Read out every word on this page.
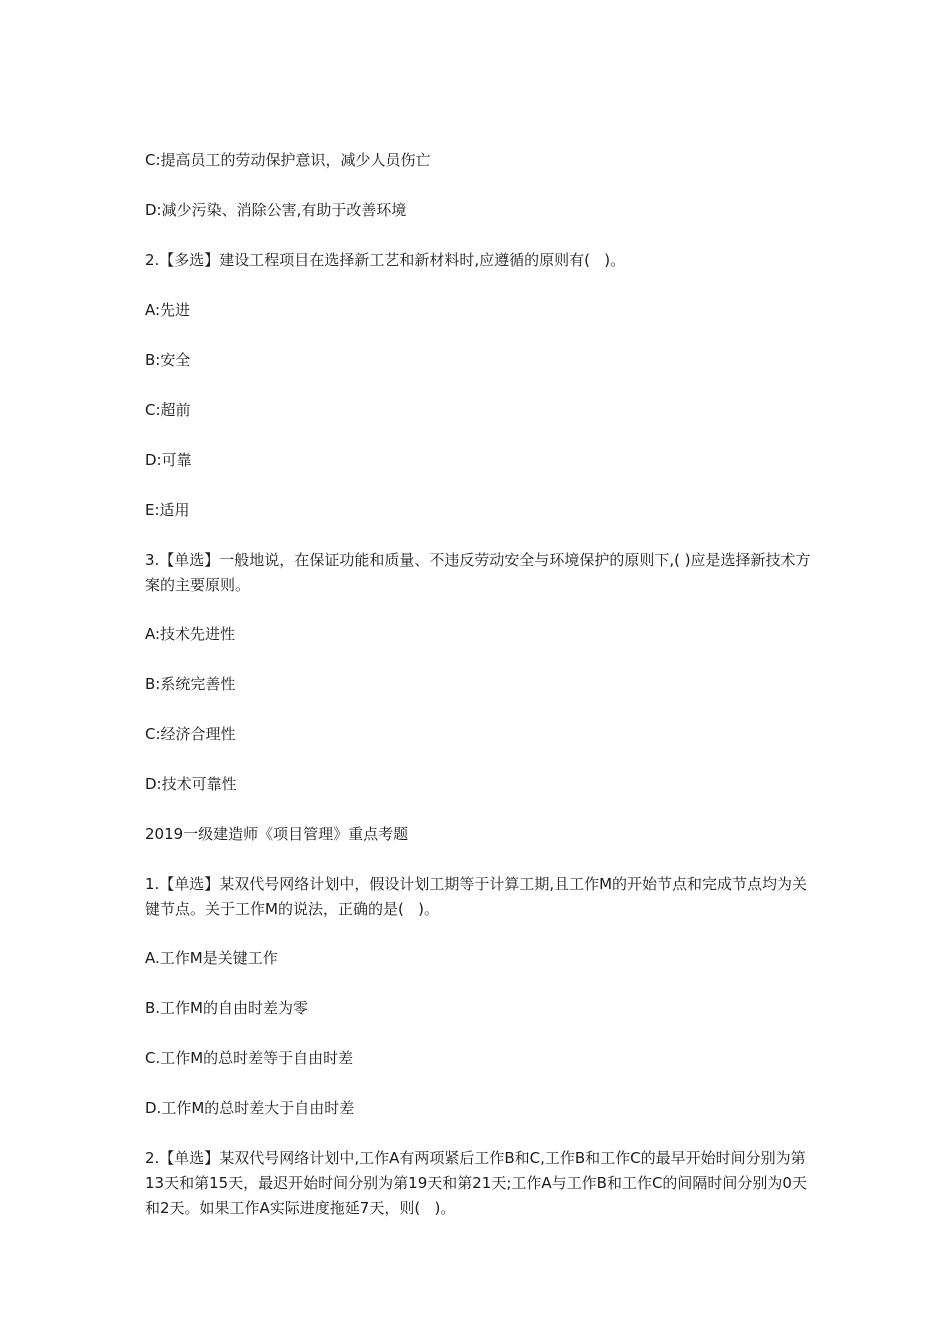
C:提高员工的劳动保护意识，减少人员伤亡
D:减少污染、消除公害,有助于改善环境
2.【多选】建设工程项目在选择新工艺和新材料时,应遵循的原则有(   )。
A:先进
B:安全
C:超前
D:可靠
E:适用
3.【单选】一般地说，在保证功能和质量、不违反劳动安全与环境保护的原则下,( )应是选择新技术方案的主要原则。
A:技术先进性
B:系统完善性
C:经济合理性
D:技术可靠性
2019一级建造师《项目管理》重点考题
1.【单选】某双代号网络计划中，假设计划工期等于计算工期,且工作M的开始节点和完成节点均为关键节点。关于工作M的说法，正确的是(   )。
A.工作M是关键工作
B.工作M的自由时差为零
C.工作M的总时差等于自由时差
D.工作M的总时差大于自由时差
2.【单选】某双代号网络计划中,工作A有两项紧后工作B和C,工作B和工作C的最早开始时间分别为第13天和第15天，最迟开始时间分别为第19天和第21天;工作A与工作B和工作C的间隔时间分别为0天和2天。如果工作A实际进度拖延7天，则(   )。
